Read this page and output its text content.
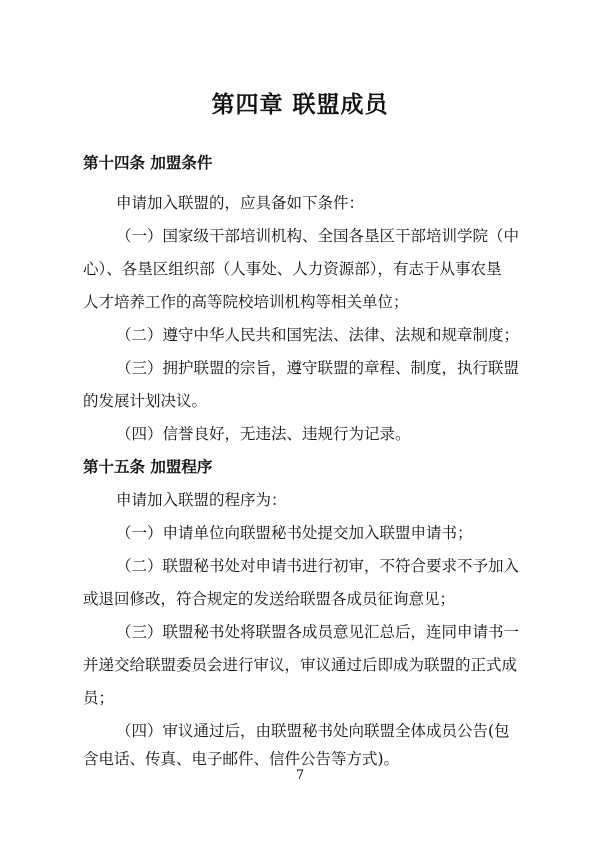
第四章 联盟成员
第十四条 加盟条件
申请加入联盟的，应具备如下条件：
（一）国家级干部培训机构、全国各垦区干部培训学院（中
心）、各垦区组织部（人事处、人力资源部），有志于从事农垦
人才培养工作的高等院校培训机构等相关单位；
（二）遵守中华人民共和国宪法、法律、法规和规章制度；
（三）拥护联盟的宗旨，遵守联盟的章程、制度，执行联盟
的发展计划决议。
（四）信誉良好，无违法、违规行为记录。
第十五条 加盟程序
申请加入联盟的程序为：
（一）申请单位向联盟秘书处提交加入联盟申请书；
（二）联盟秘书处对申请书进行初审，不符合要求不予加入
或退回修改，符合规定的发送给联盟各成员征询意见；
（三）联盟秘书处将联盟各成员意见汇总后，连同申请书一
并递交给联盟委员会进行审议，审议通过后即成为联盟的正式成
员；
（四）审议通过后，由联盟秘书处向联盟全体成员公告(包
含电话、传真、电子邮件、信件公告等方式)。
7
